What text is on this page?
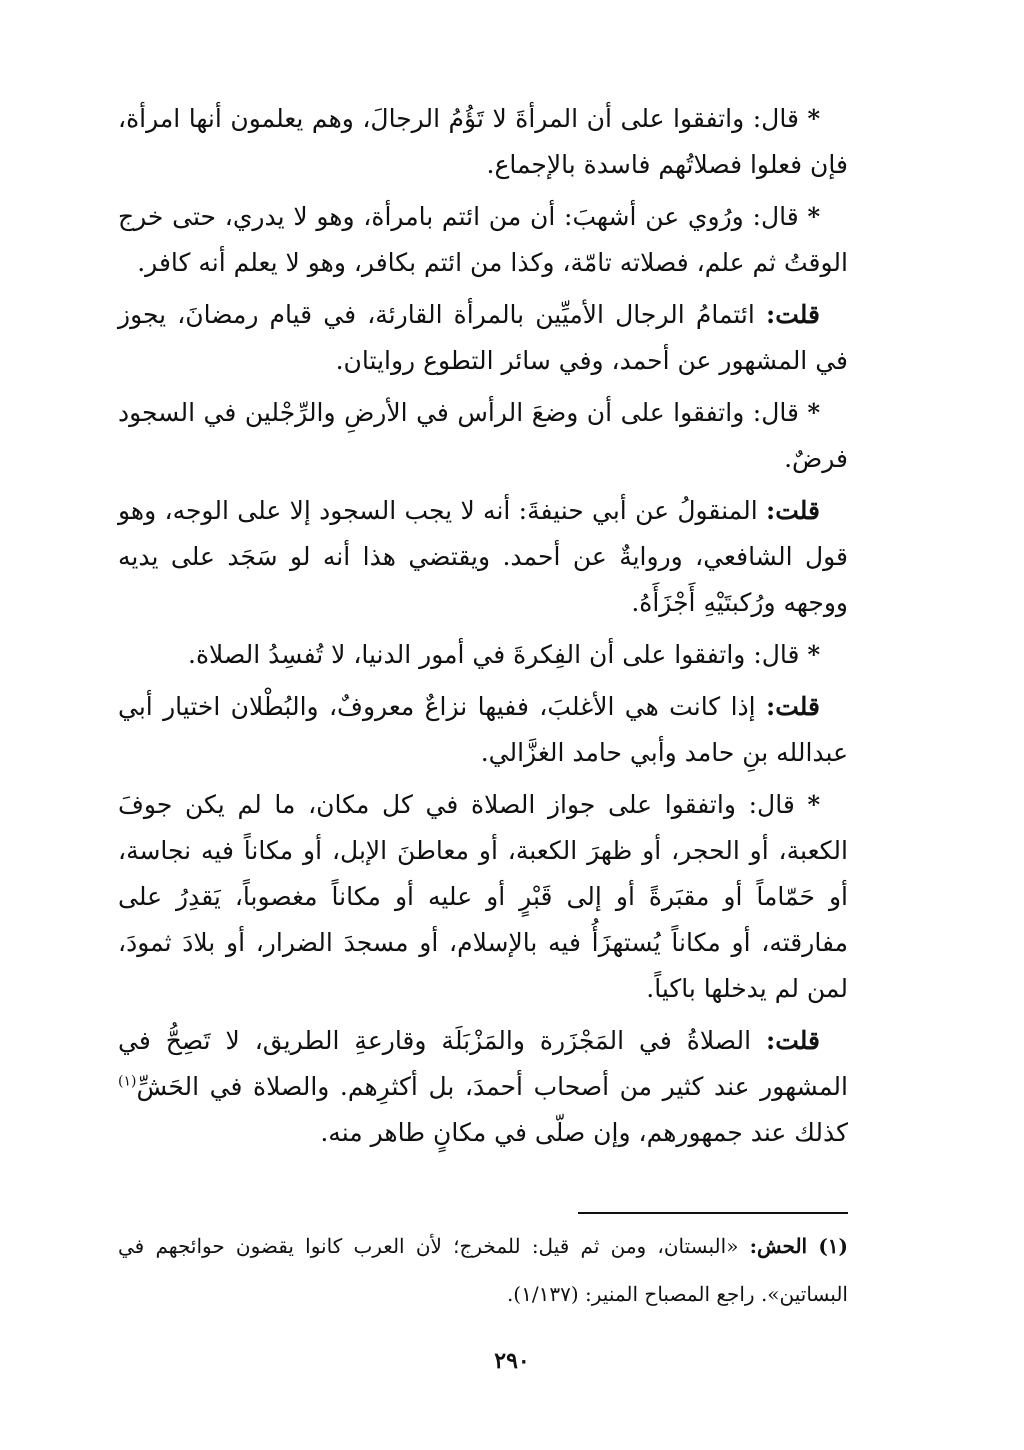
* قال: واتفقوا على أن المرأةَ لا تَؤُمُ الرجالَ، وهم يعلمون أنها امرأة، فإن فعلوا فصلاتُهم فاسدة بالإجماع.

* قال: ورُوي عن أشهبَ: أن من ائتم بامرأة، وهو لا يدري، حتى خرج الوقتُ ثم علم، فصلاته تامّة، وكذا من ائتم بكافر، وهو لا يعلم أنه كافر.

قلت: ائتمامُ الرجال الأميِّين بالمرأة القارئة، في قيام رمضانَ، يجوز في المشهور عن أحمد، وفي سائر التطوع روايتان.

* قال: واتفقوا على أن وضعَ الرأس في الأرضِ والرِّجْلين في السجود فرضٌ.

قلت: المنقولُ عن أبي حنيفةَ: أنه لا يجب السجود إلا على الوجه، وهو قول الشافعي، وروايةٌ عن أحمد. ويقتضي هذا أنه لو سَجَد على يديه ووجهه ورُكبتَيْهِ أَجْزَأَهُ.

* قال: واتفقوا على أن الفِكرةَ في أمور الدنيا، لا تُفسِدُ الصلاة.

قلت: إذا كانت هي الأغلبَ، ففيها نزاعٌ معروفٌ، والبُطْلان اختيار أبي عبدالله بنِ حامد وأبي حامد الغزَّالي.

* قال: واتفقوا على جواز الصلاة في كل مكان، ما لم يكن جوفَ الكعبة، أو الحجر، أو ظهرَ الكعبة، أو معاطنَ الإبل، أو مكاناً فيه نجاسة، أو حَمّاماً أو مقبَرةً أو إلى قَبْرٍ أو عليه أو مكاناً مغصوباً، يَقدِرُ على مفارقته، أو مكاناً يُستهزَأُ فيه بالإسلام، أو مسجدَ الضرار، أو بلادَ ثمودَ، لمن لم يدخلها باكياً.

قلت: الصلاةُ في المَجْزَرة والمَزْبَلَة وقارعةِ الطريق، لا تَصِحُّ في المشهور عند كثير من أصحاب أحمدَ، بل أكثرِهم. والصلاة في الحَشِّ$^{(١)}$ كذلك عند جمهورهم، وإن صلّى في مكانٍ طاهر منه.

(١) الحش: «البستان، ومن ثم قيل: للمخرج؛ لأن العرب كانوا يقضون حوائجهم في البساتين». راجع المصباح المنير: (١/١٣٧).
٢٩٠
